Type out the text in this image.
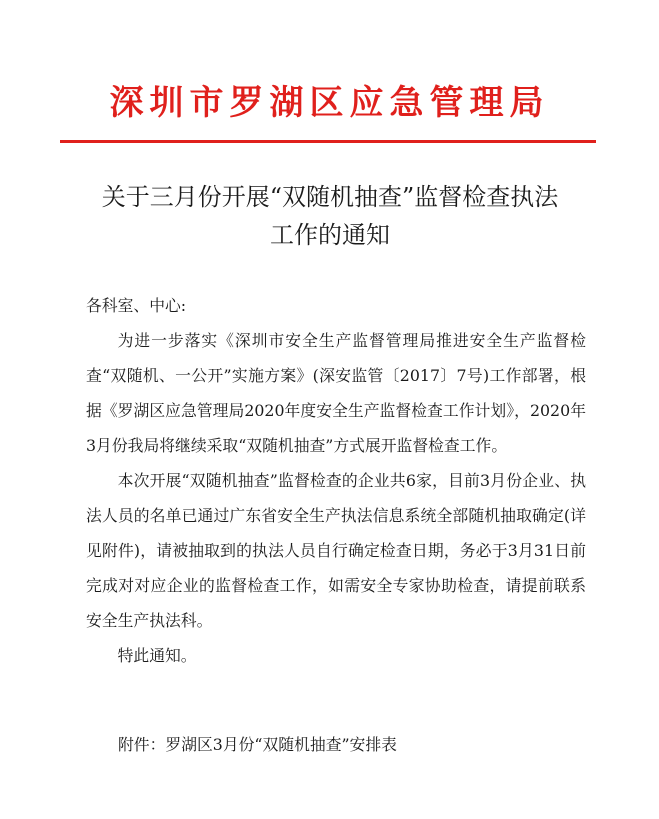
深圳市罗湖区应急管理局
关于三月份开展“双随机抽查”监督检查执法
工作的通知

各科室、中心:

为进一步落实《深圳市安全生产监督管理局推进安全生产监督检查“双随机、一公开”实施方案》(深安监管〔2017〕7号)工作部署，根据《罗湖区应急管理局2020年度安全生产监督检查工作计划》，2020年3月份我局将继续采取“双随机抽查”方式展开监督检查工作。

本次开展“双随机抽查”监督检查的企业共6家，目前3月份企业、执法人员的名单已通过广东省安全生产执法信息系统全部随机抽取确定(详见附件)，请被抽取到的执法人员自行确定检查日期，务必于3月31日前完成对对应企业的监督检查工作，如需安全专家协助检查，请提前联系安全生产执法科。

特此通知。

附件：罗湖区3月份“双随机抽查”安排表
